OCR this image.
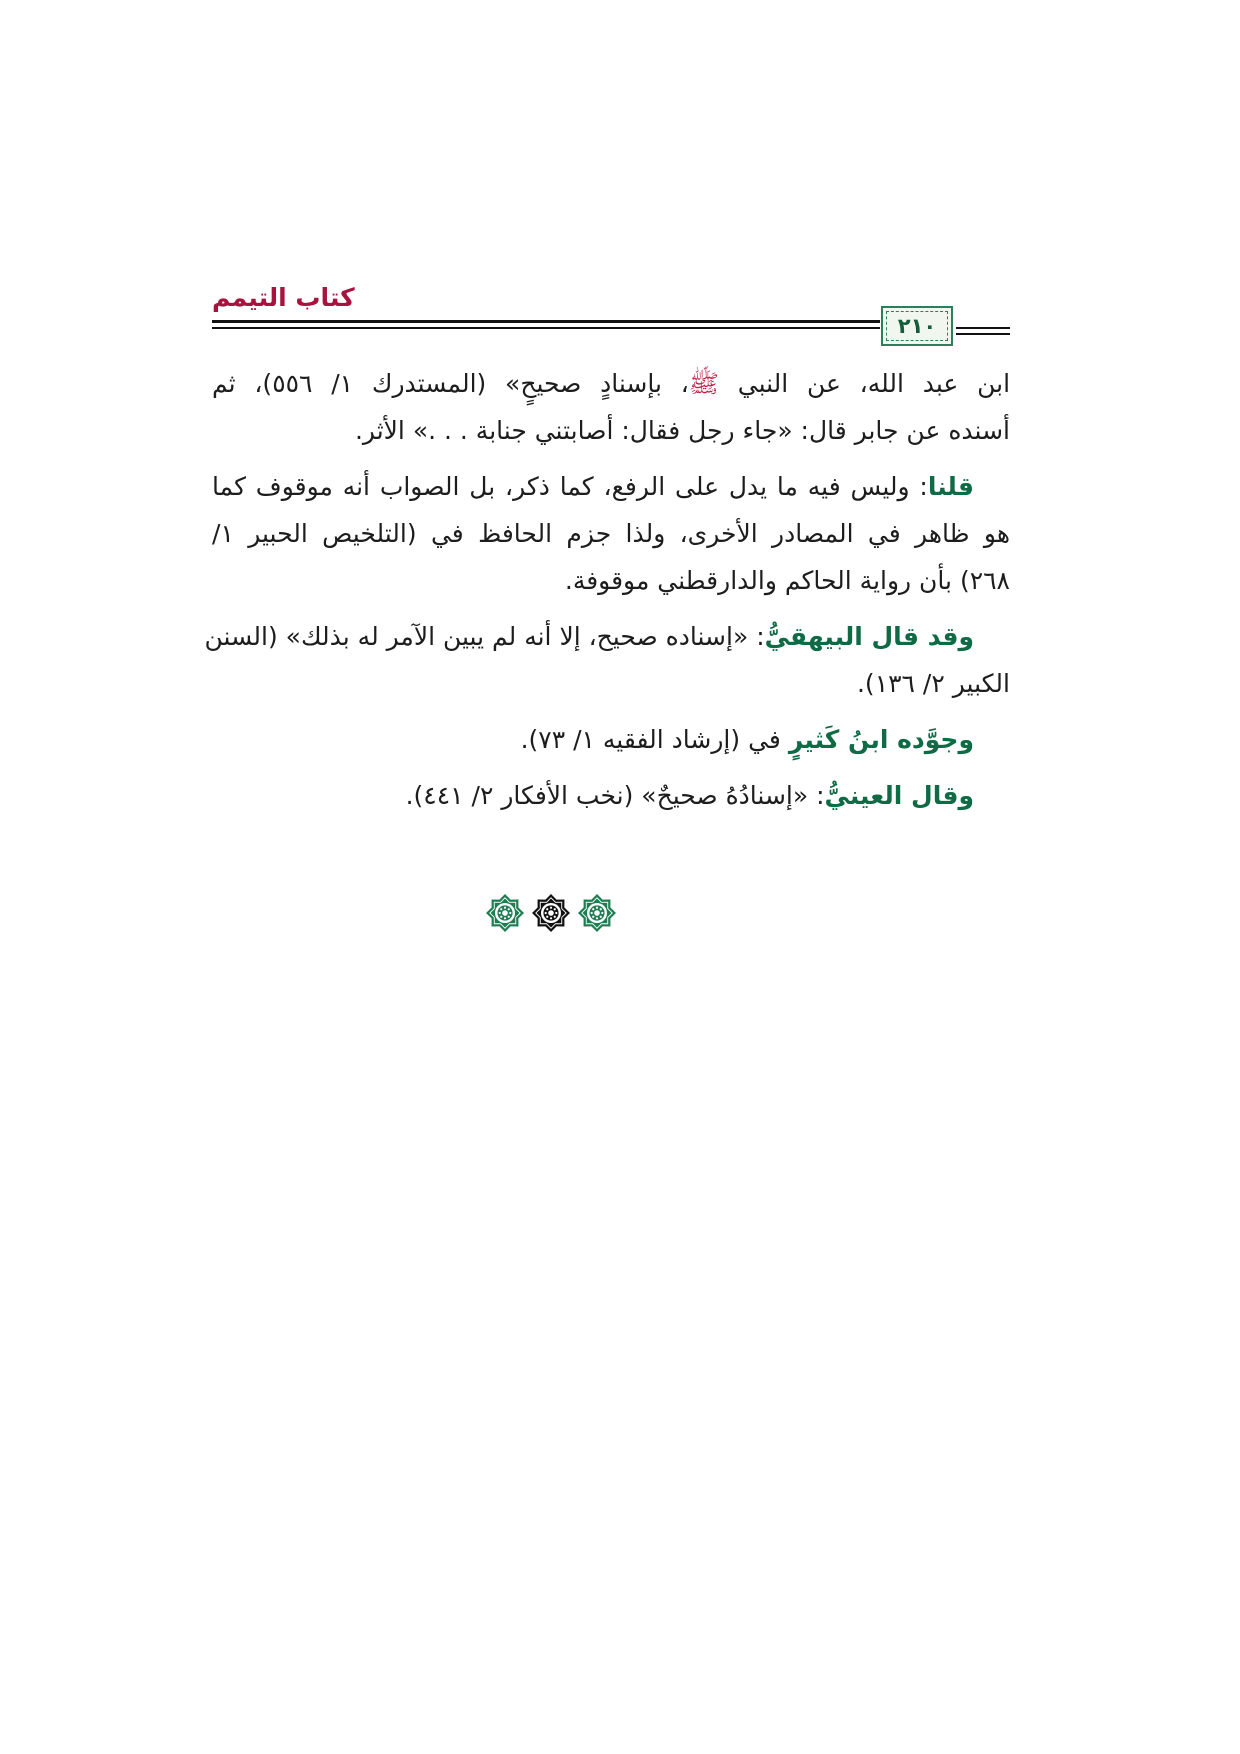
كتاب التيمم
٢١٠

ابن عبد الله، عن النبي ﷺ، بإسنادٍ صحيحٍ» (المستدرك ١/ ٥٥٦)، ثم
أسنده عن جابر قال: «جاء رجل فقال: أصابتني جنابة . . .» الأثر.

قلنا: وليس فيه ما يدل على الرفع، كما ذكر، بل الصواب أنه موقوف كما
هو ظاهر في المصادر الأخرى، ولذا جزم الحافظ في (التلخيص الحبير ١/
٢٦٨) بأن رواية الحاكم والدارقطني موقوفة.

وقد قال البيهقيُّ: «إسناده صحيح، إلا أنه لم يبين الآمر له بذلك» (السنن
الكبير ٢/ ١٣٦).

وجوَّده ابنُ كَثيرٍ في (إرشاد الفقيه ١/ ٧٣).

وقال العينيُّ: «إسنادُهُ صحيحٌ» (نخب الأفكار ٢/ ٤٤١).
